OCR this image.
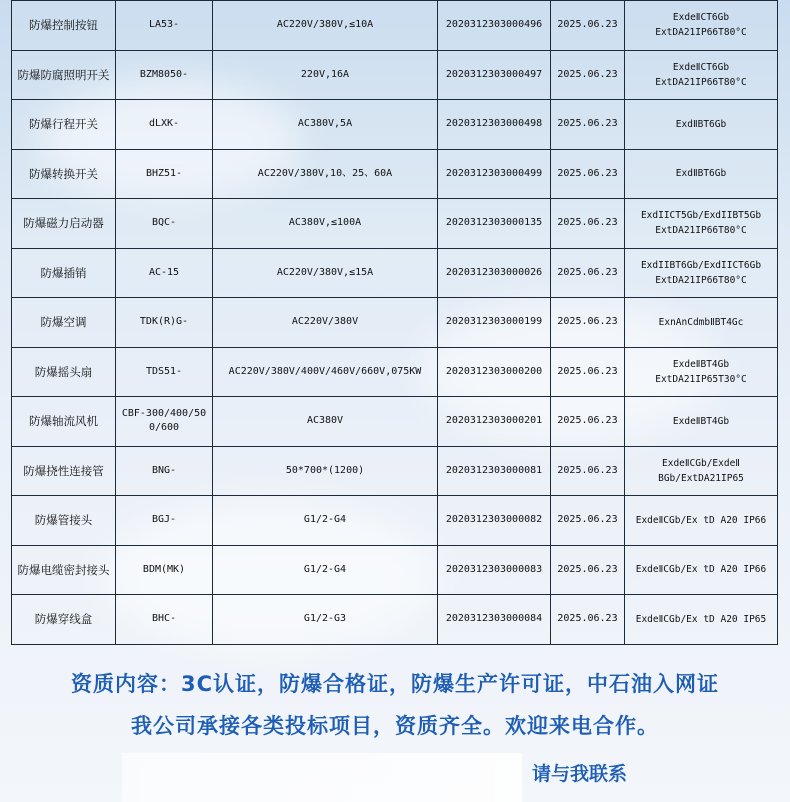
防爆控制按钮	LA53-	AC220V/380V,≤10A	2020312303000496	2025.06.23	ExdeⅡCT6Gb
ExtDA21IP66T80°C

防爆防腐照明开关	BZM8050-	220V,16A	2020312303000497	2025.06.23	ExdeⅡCT6Gb
ExtDA21IP66T80°C

防爆行程开关	dLXK-	AC380V,5A	2020312303000498	2025.06.23	ExdⅡBT6Gb

防爆转换开关	BHZ51-	AC220V/380V,10、25、60A	2020312303000499	2025.06.23	ExdⅡBT6Gb

防爆磁力启动器	BQC-	AC380V,≤100A	2020312303000135	2025.06.23	ExdIICT5Gb/ExdIIBT5Gb
ExtDA21IP66T80°C

防爆插销	AC-15	AC220V/380V,≤15A	2020312303000026	2025.06.23	ExdIIBT6Gb/ExdIICT6Gb
ExtDA21IP66T80°C

防爆空调	TDK(R)G-	AC220V/380V	2020312303000199	2025.06.23	ExnAnCdmbⅡBT4Gc

防爆摇头扇	TDS51-	AC220V/380V/400V/460V/660V,075KW	2020312303000200	2025.06.23	ExdeⅡBT4Gb
ExtDA21IP65T30°C

防爆轴流风机	CBF-300/400/500/600	AC380V	2020312303000201	2025.06.23	ExdeⅡBT4Gb

防爆挠性连接管	BNG-	50*700*(1200)	2020312303000081	2025.06.23	ExdeⅡCGb/ExdeⅡ
BGb/ExtDA21IP65

防爆管接头	BGJ-	G1/2-G4	2020312303000082	2025.06.23	ExdeⅡCGb/Ex tD A20 IP66

防爆电缆密封接头	BDM(MK)	G1/2-G4	2020312303000083	2025.06.23	ExdeⅡCGb/Ex tD A20 IP66

防爆穿线盒	BHC-	G1/2-G3	2020312303000084	2025.06.23	ExdeⅡCGb/Ex tD A20 IP65
资质内容：3C认证，防爆合格证，防爆生产许可证，中石油入网证
我公司承接各类投标项目，资质齐全。欢迎来电合作。
请与我联系
